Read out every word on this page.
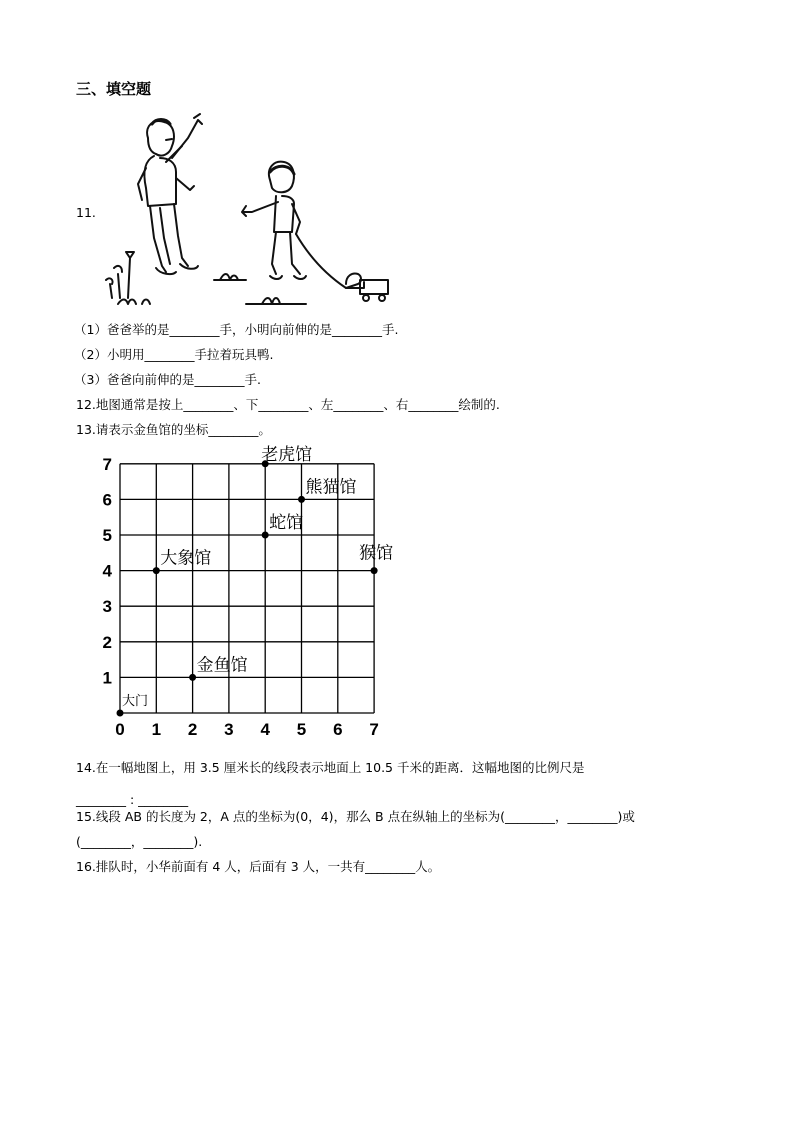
三、填空题
11.
（1）爸爸举的是________手，小明向前伸的是________手.
（2）小明用________手拉着玩具鸭.
（3）爸爸向前伸的是________手.
12.地图通常是按上________、下________、左________、右________绘制的.
13.请表示金鱼馆的坐标________。
0 1 2 3 4 5 6 7
1
2
3
4
5
6
7
大门
金鱼馆
大象馆
蛇馆
熊猫馆
老虎馆
猴馆
14.在一幅地图上，用 3.5 厘米长的线段表示地面上 10.5 千米的距离．这幅地图的比例尺是
________ : ________
15.线段 AB 的长度为 2，A 点的坐标为(0，4)，那么 B 点在纵轴上的坐标为(________，________)或
(________，________).
16.排队时，小华前面有 4 人，后面有 3 人，一共有________人。
